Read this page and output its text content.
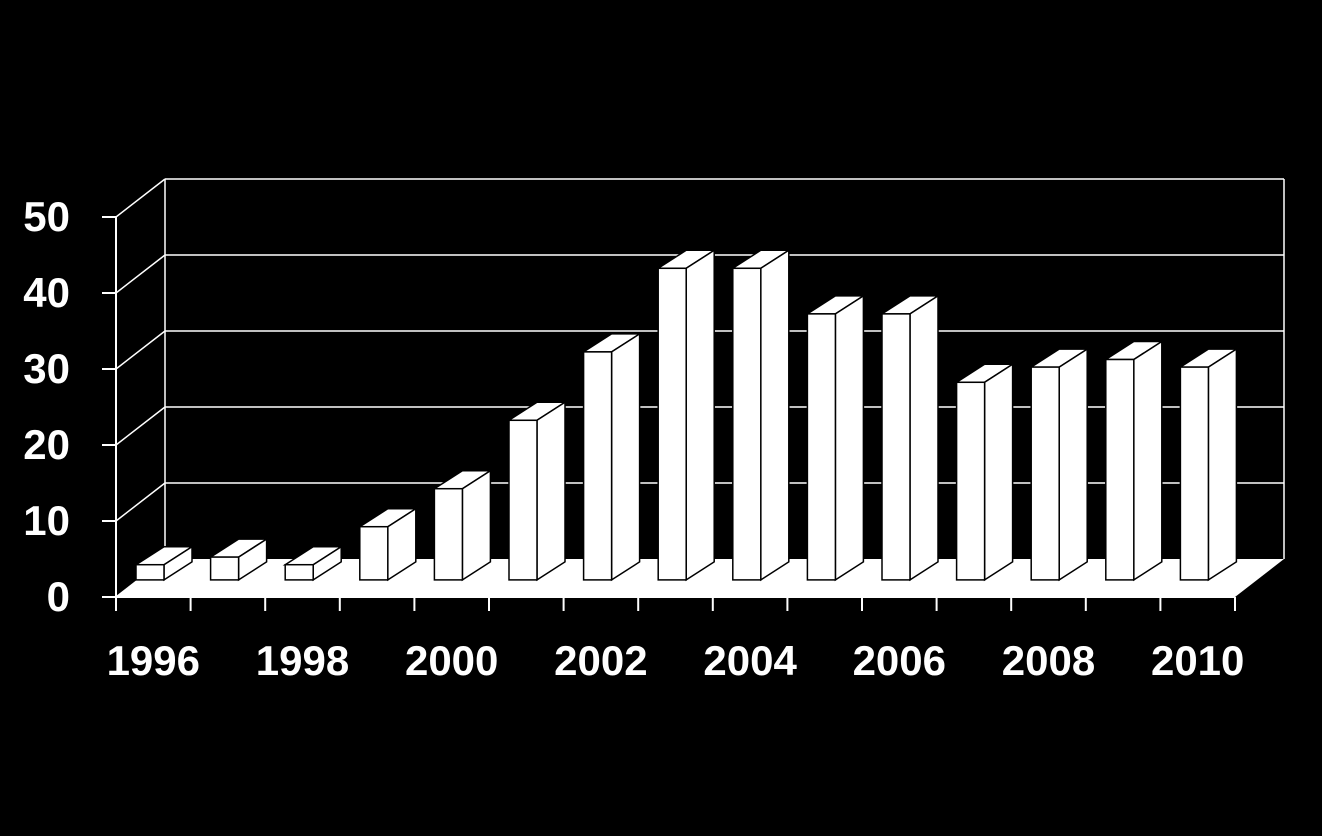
0
10
20
30
40
50
1996 1998 2000 2002 2004 2006 2008 2010
